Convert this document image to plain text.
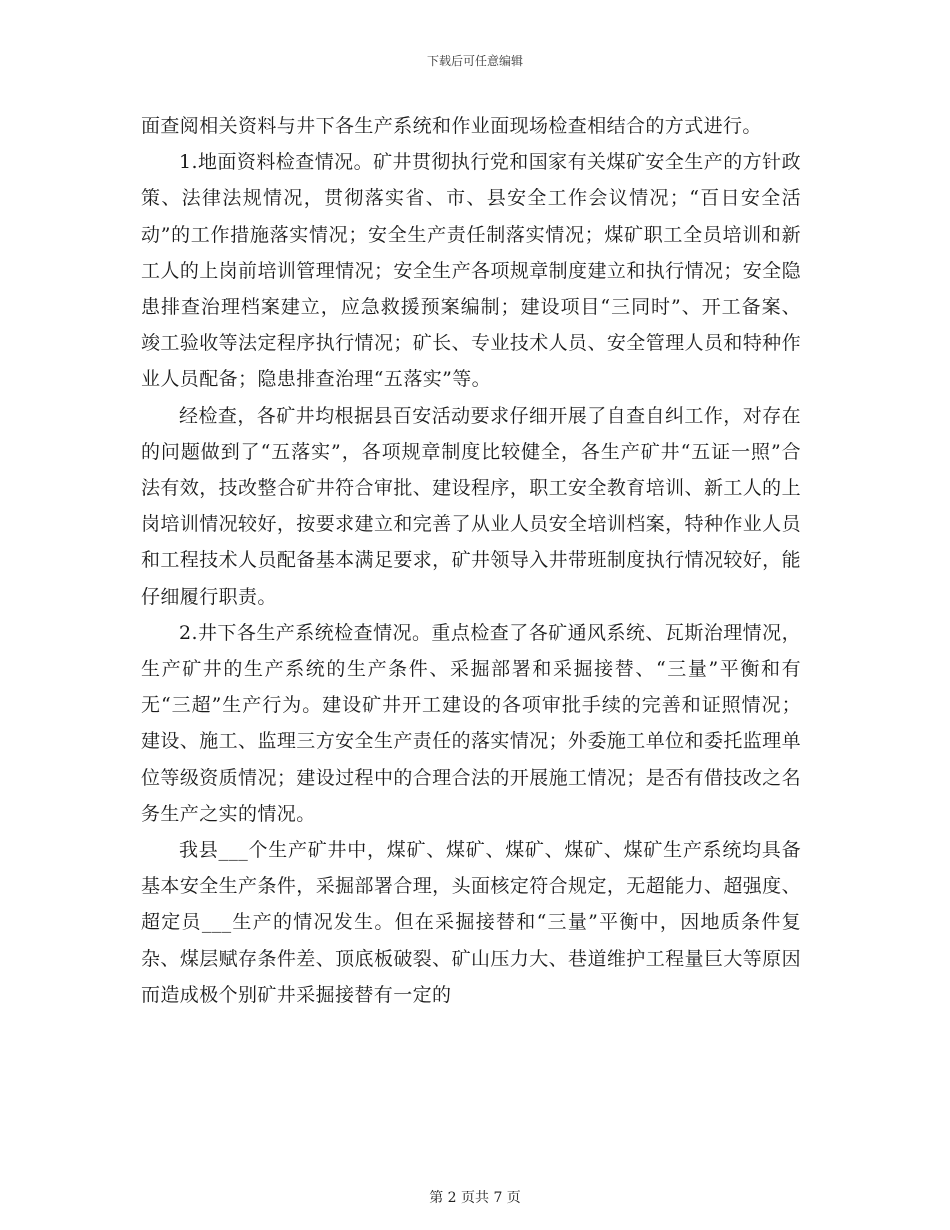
下载后可任意编辑

面查阅相关资料与井下各生产系统和作业面现场检查相结合的方式进行。

1.地面资料检查情况。矿井贯彻执行党和国家有关煤矿安全生产的方针政策、法律法规情况，贯彻落实省、市、县安全工作会议情况；“百日安全活动”的工作措施落实情况；安全生产责任制落实情况；煤矿职工全员培训和新工人的上岗前培训管理情况；安全生产各项规章制度建立和执行情况；安全隐患排查治理档案建立，应急救援预案编制；建设项目“三同时”、开工备案、竣工验收等法定程序执行情况；矿长、专业技术人员、安全管理人员和特种作业人员配备；隐患排查治理“五落实”等。

经检查，各矿井均根据县百安活动要求仔细开展了自查自纠工作，对存在的问题做到了“五落实”，各项规章制度比较健全，各生产矿井“五证一照”合法有效，技改整合矿井符合审批、建设程序，职工安全教育培训、新工人的上岗培训情况较好，按要求建立和完善了从业人员安全培训档案，特种作业人员和工程技术人员配备基本满足要求，矿井领导入井带班制度执行情况较好，能仔细履行职责。

2.井下各生产系统检查情况。重点检查了各矿通风系统、瓦斯治理情况，生产矿井的生产系统的生产条件、采掘部署和采掘接替、“三量”平衡和有无“三超”生产行为。建设矿井开工建设的各项审批手续的完善和证照情况；建设、施工、监理三方安全生产责任的落实情况；外委施工单位和委托监理单位等级资质情况；建设过程中的合理合法的开展施工情况；是否有借技改之名务生产之实的情况。

我县___个生产矿井中，煤矿、煤矿、煤矿、煤矿、煤矿生产系统均具备基本安全生产条件，采掘部署合理，头面核定符合规定，无超能力、超强度、超定员___生产的情况发生。但在采掘接替和“三量”平衡中，因地质条件复杂、煤层赋存条件差、顶底板破裂、矿山压力大、巷道维护工程量巨大等原因而造成极个别矿井采掘接替有一定的

第 2 页共 7 页
